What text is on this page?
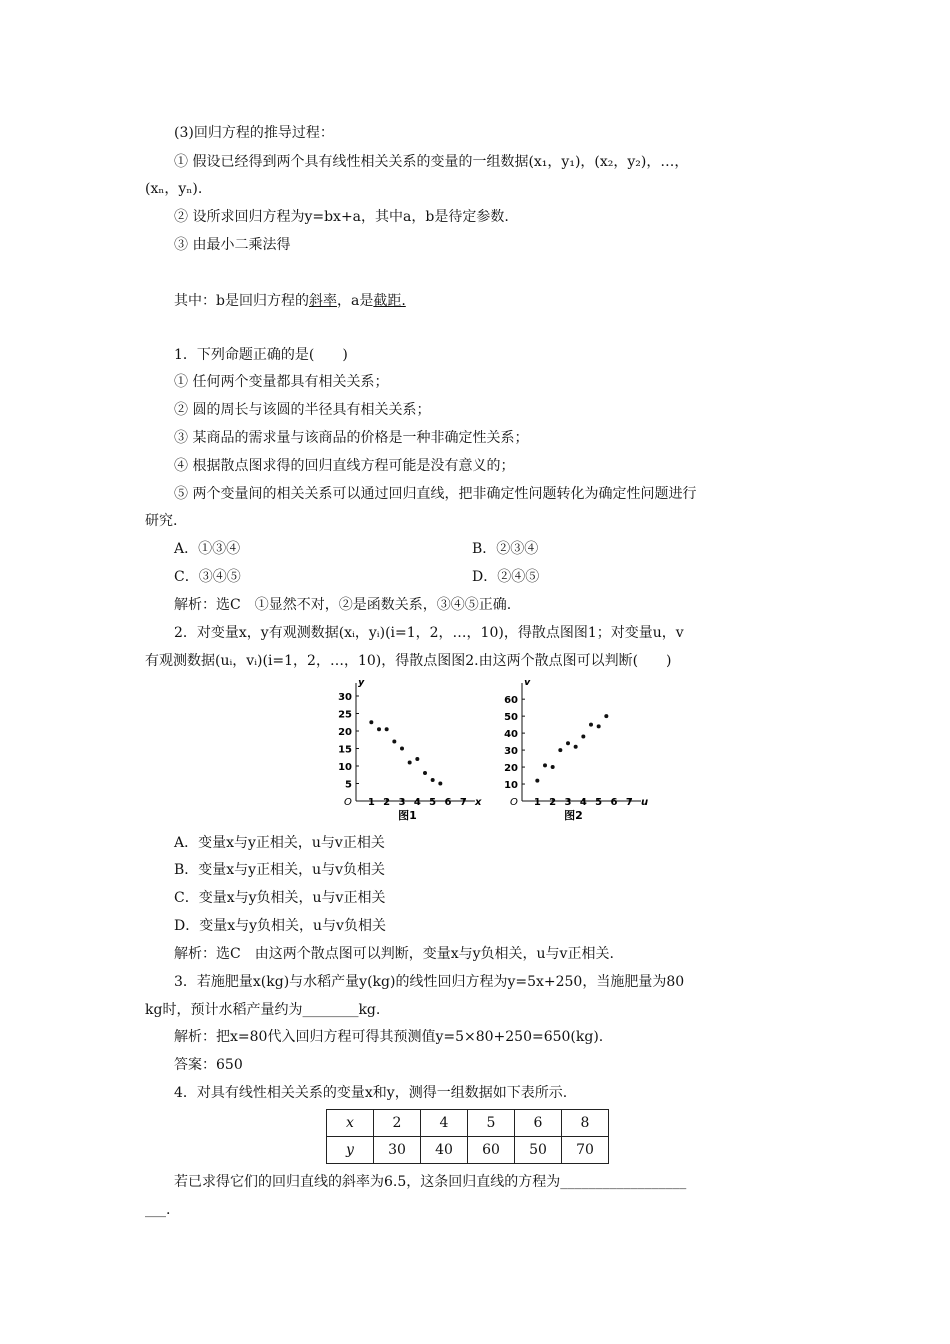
(3)回归方程的推导过程：
① 假设已经得到两个具有线性相关关系的变量的一组数据(x₁，y₁)，(x₂，y₂)，…，
(xₙ，yₙ).
② 设所求回归方程为y=bx+a，其中a，b是待定参数.
③ 由最小二乘法得
其中：b是回归方程的斜率，a是截距.
1．下列命题正确的是(　　)
① 任何两个变量都具有相关关系；
② 圆的周长与该圆的半径具有相关关系；
③ 某商品的需求量与该商品的价格是一种非确定性关系；
④ 根据散点图求得的回归直线方程可能是没有意义的；
⑤ 两个变量间的相关关系可以通过回归直线，把非确定性问题转化为确定性问题进行
研究.
A．①③④	B．②③④
C．③④⑤	D．②④⑤
解析：选C　①显然不对，②是函数关系，③④⑤正确.
2．对变量x，y有观测数据(xᵢ，yᵢ)(i=1，2，…，10)，得散点图图1；对变量u，v
有观测数据(uᵢ，vᵢ)(i=1，2，…，10)，得散点图图2.由这两个散点图可以判断(　　)
x
y
O 1 2 3 4 5 6 7
5
10
15
20
25
30
图1
u
v
O 1 2 3 4 5 6 7
10
20
30
40
50
60
图2
A．变量x与y正相关，u与v正相关
B．变量x与y正相关，u与v负相关
C．变量x与y负相关，u与v正相关
D．变量x与y负相关，u与v负相关
解析：选C　由这两个散点图可以判断，变量x与y负相关，u与v正相关.
3．若施肥量x(kg)与水稻产量y(kg)的线性回归方程为y=5x+250，当施肥量为80
kg时，预计水稻产量约为________kg.
解析：把x=80代入回归方程可得其预测值y=5×80+250=650(kg).
答案：650
4．对具有线性相关关系的变量x和y，测得一组数据如下表所示.
x	2	4	5	6	8
y	30	40	60	50	70
若已求得它们的回归直线的斜率为6.5，这条回归直线的方程为__________________
___.
